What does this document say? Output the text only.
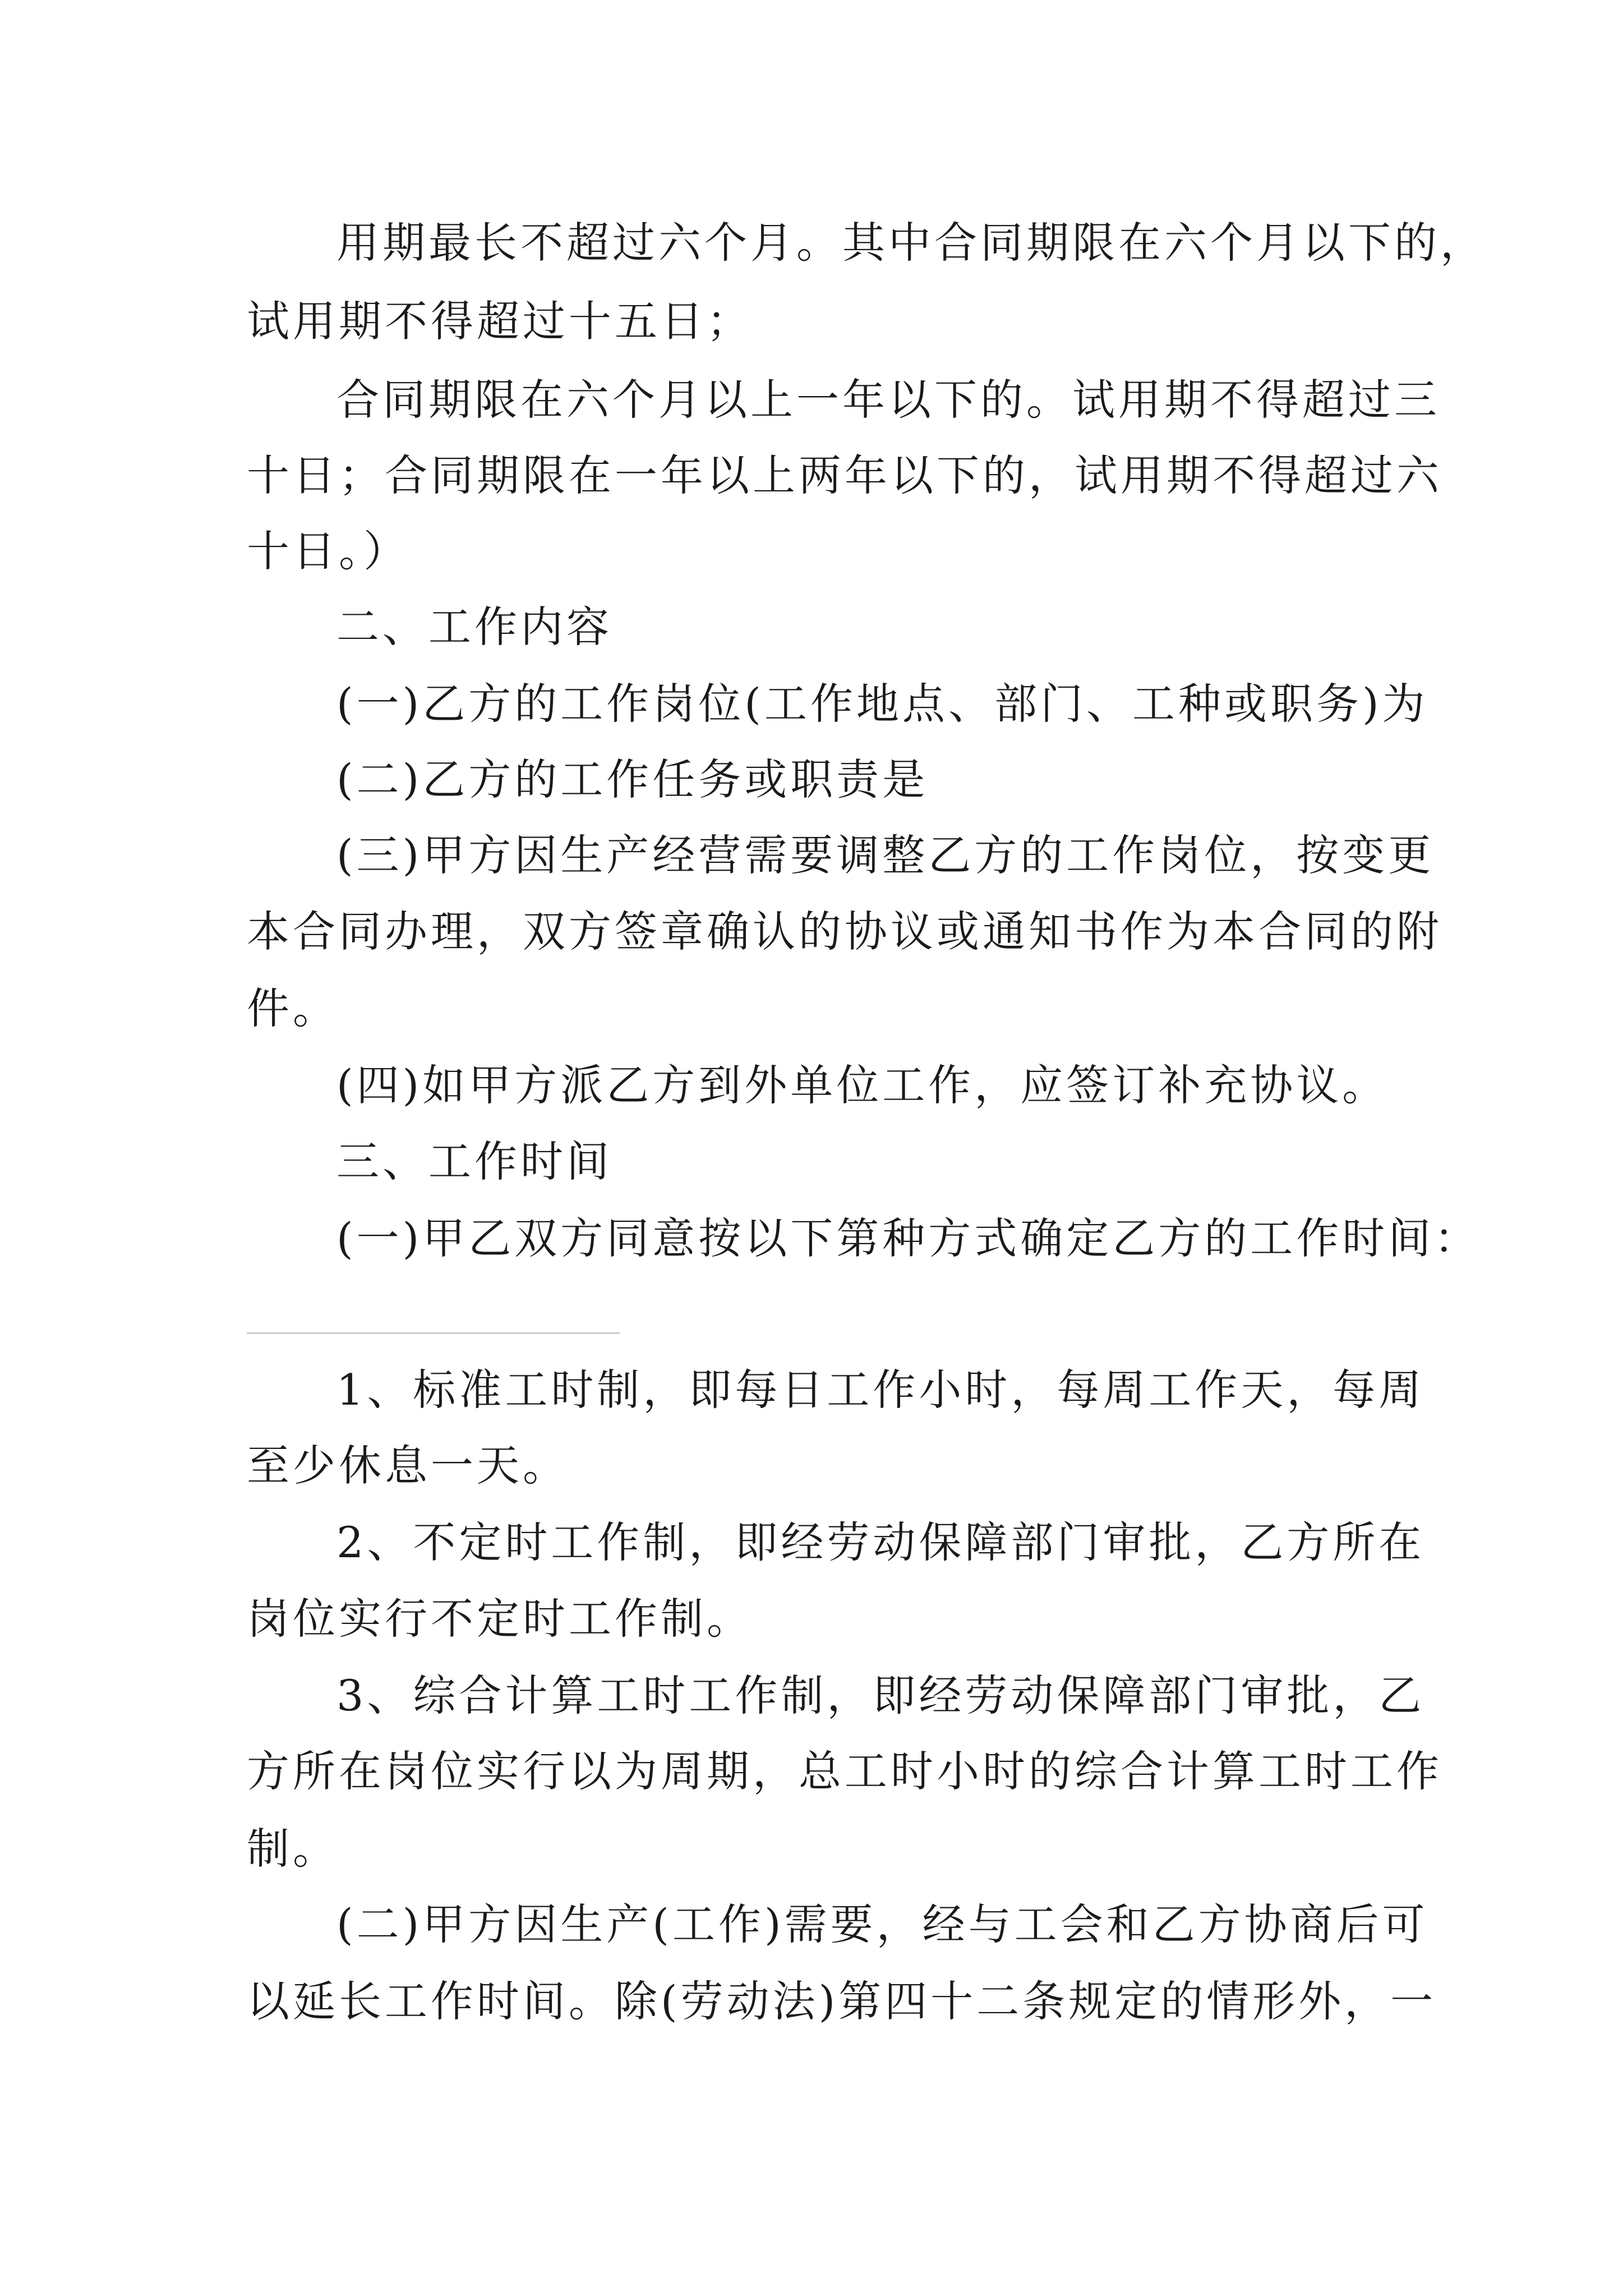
用期最长不超过六个月。其中合同期限在六个月以下的，
试用期不得超过十五日；
合同期限在六个月以上一年以下的。试用期不得超过三
十日；合同期限在一年以上两年以下的，试用期不得超过六
十日。）
二、工作内容
(一)乙方的工作岗位(工作地点、部门、工种或职务)为
(二)乙方的工作任务或职责是
(三)甲方因生产经营需要调整乙方的工作岗位，按变更
本合同办理，双方签章确认的协议或通知书作为本合同的附
件。
(四)如甲方派乙方到外单位工作，应签订补充协议。
三、工作时间
(一)甲乙双方同意按以下第种方式确定乙方的工作时间：
1、标准工时制，即每日工作小时，每周工作天，每周
至少休息一天。
2、不定时工作制，即经劳动保障部门审批，乙方所在
岗位实行不定时工作制。
3、综合计算工时工作制，即经劳动保障部门审批，乙
方所在岗位实行以为周期，总工时小时的综合计算工时工作
制。
(二)甲方因生产(工作)需要，经与工会和乙方协商后可
以延长工作时间。除(劳动法)第四十二条规定的情形外，一
